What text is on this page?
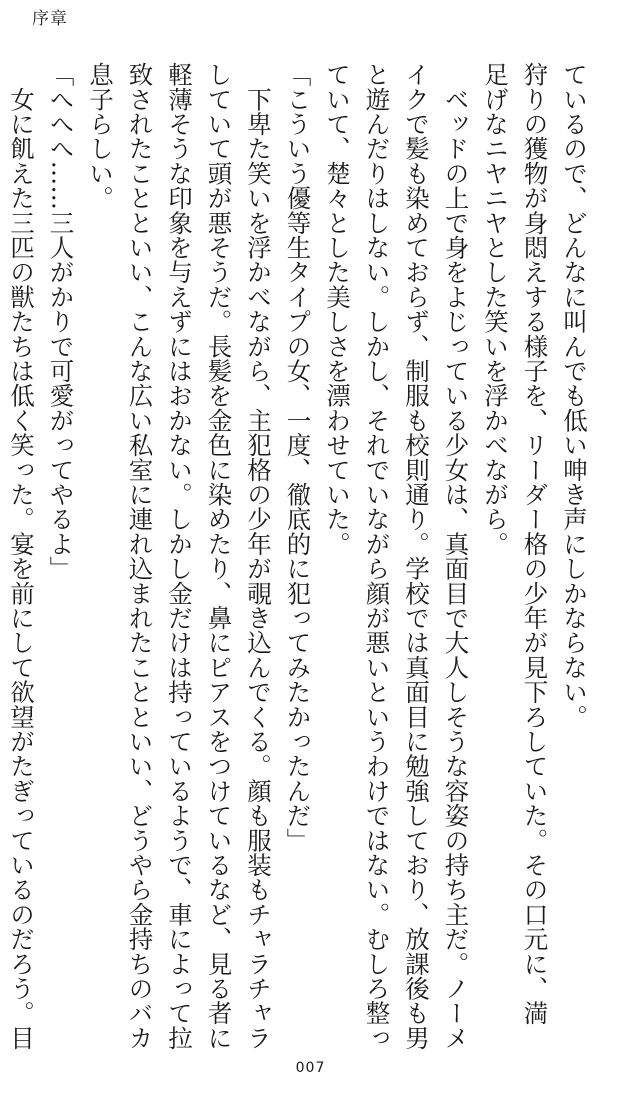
序章
ているので、どんなに叫んでも低い呻き声にしかならない。
狩りの獲物が身悶えする様子を、リーダー格の少年が見下ろしていた。その口元に、満
足げなニヤニヤとした笑いを浮かべながら。
　ベッドの上で身をよじっている少女は、真面目で大人しそうな容姿の持ち主だ。ノーメ
イクで髪も染めておらず、制服も校則通り。学校では真面目に勉強しており、放課後も男
と遊んだりはしない。しかし、それでいながら顔が悪いというわけではない。むしろ整っ
ていて、楚々とした美しさを漂わせていた。
「こういう優等生タイプの女、一度、徹底的に犯ってみたかったんだ」
　下卑た笑いを浮かべながら、主犯格の少年が覗き込んでくる。顔も服装もチャラチャラ
していて頭が悪そうだ。長髪を金色に染めたり、鼻にピアスをつけているなど、見る者に
軽薄そうな印象を与えずにはおかない。しかし金だけは持っているようで、車によって拉
致されたことといい、こんな広い私室に連れ込まれたことといい、どうやら金持ちのバカ
息子らしい。
「へへへ……三人がかりで可愛がってやるよ」
　女に飢えた三匹の獣たちは低く笑った。宴を前にして欲望がたぎっているのだろう。目
007
